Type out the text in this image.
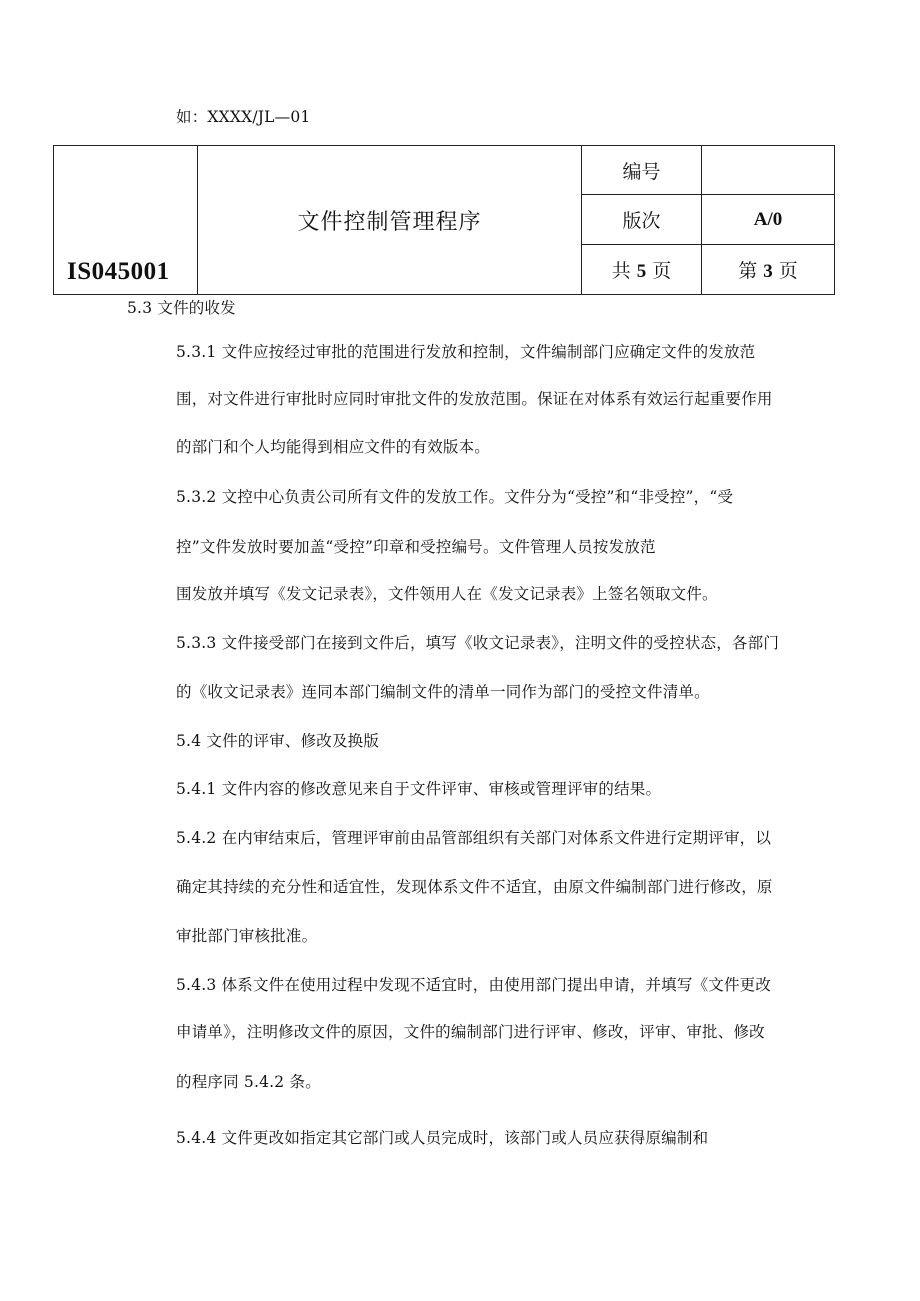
如：XXXX/JL—01
IS045001	文件控制管理程序	编号	
		版次	A/0
		共 5 页	第 3 页
5.3 文件的收发
5.3.1 文件应按经过审批的范围进行发放和控制，文件编制部门应确定文件的发放范
围，对文件进行审批时应同时审批文件的发放范围。保证在对体系有效运行起重要作用
的部门和个人均能得到相应文件的有效版本。
5.3.2 文控中心负责公司所有文件的发放工作。文件分为“受控”和“非受控”，“受
控”文件发放时要加盖“受控”印章和受控编号。文件管理人员按发放范
围发放并填写《发文记录表》，文件领用人在《发文记录表》上签名领取文件。
5.3.3 文件接受部门在接到文件后，填写《收文记录表》，注明文件的受控状态，各部门
的《收文记录表》连同本部门编制文件的清单一同作为部门的受控文件清单。
5.4 文件的评审、修改及换版
5.4.1 文件内容的修改意见来自于文件评审、审核或管理评审的结果。
5.4.2 在内审结束后，管理评审前由品管部组织有关部门对体系文件进行定期评审，以
确定其持续的充分性和适宜性，发现体系文件不适宜，由原文件编制部门进行修改，原
审批部门审核批准。
5.4.3 体系文件在使用过程中发现不适宜时，由使用部门提出申请，并填写《文件更改
申请单》，注明修改文件的原因，文件的编制部门进行评审、修改，评审、审批、修改
的程序同 5.4.2 条。
5.4.4 文件更改如指定其它部门或人员完成时，该部门或人员应获得原编制和
